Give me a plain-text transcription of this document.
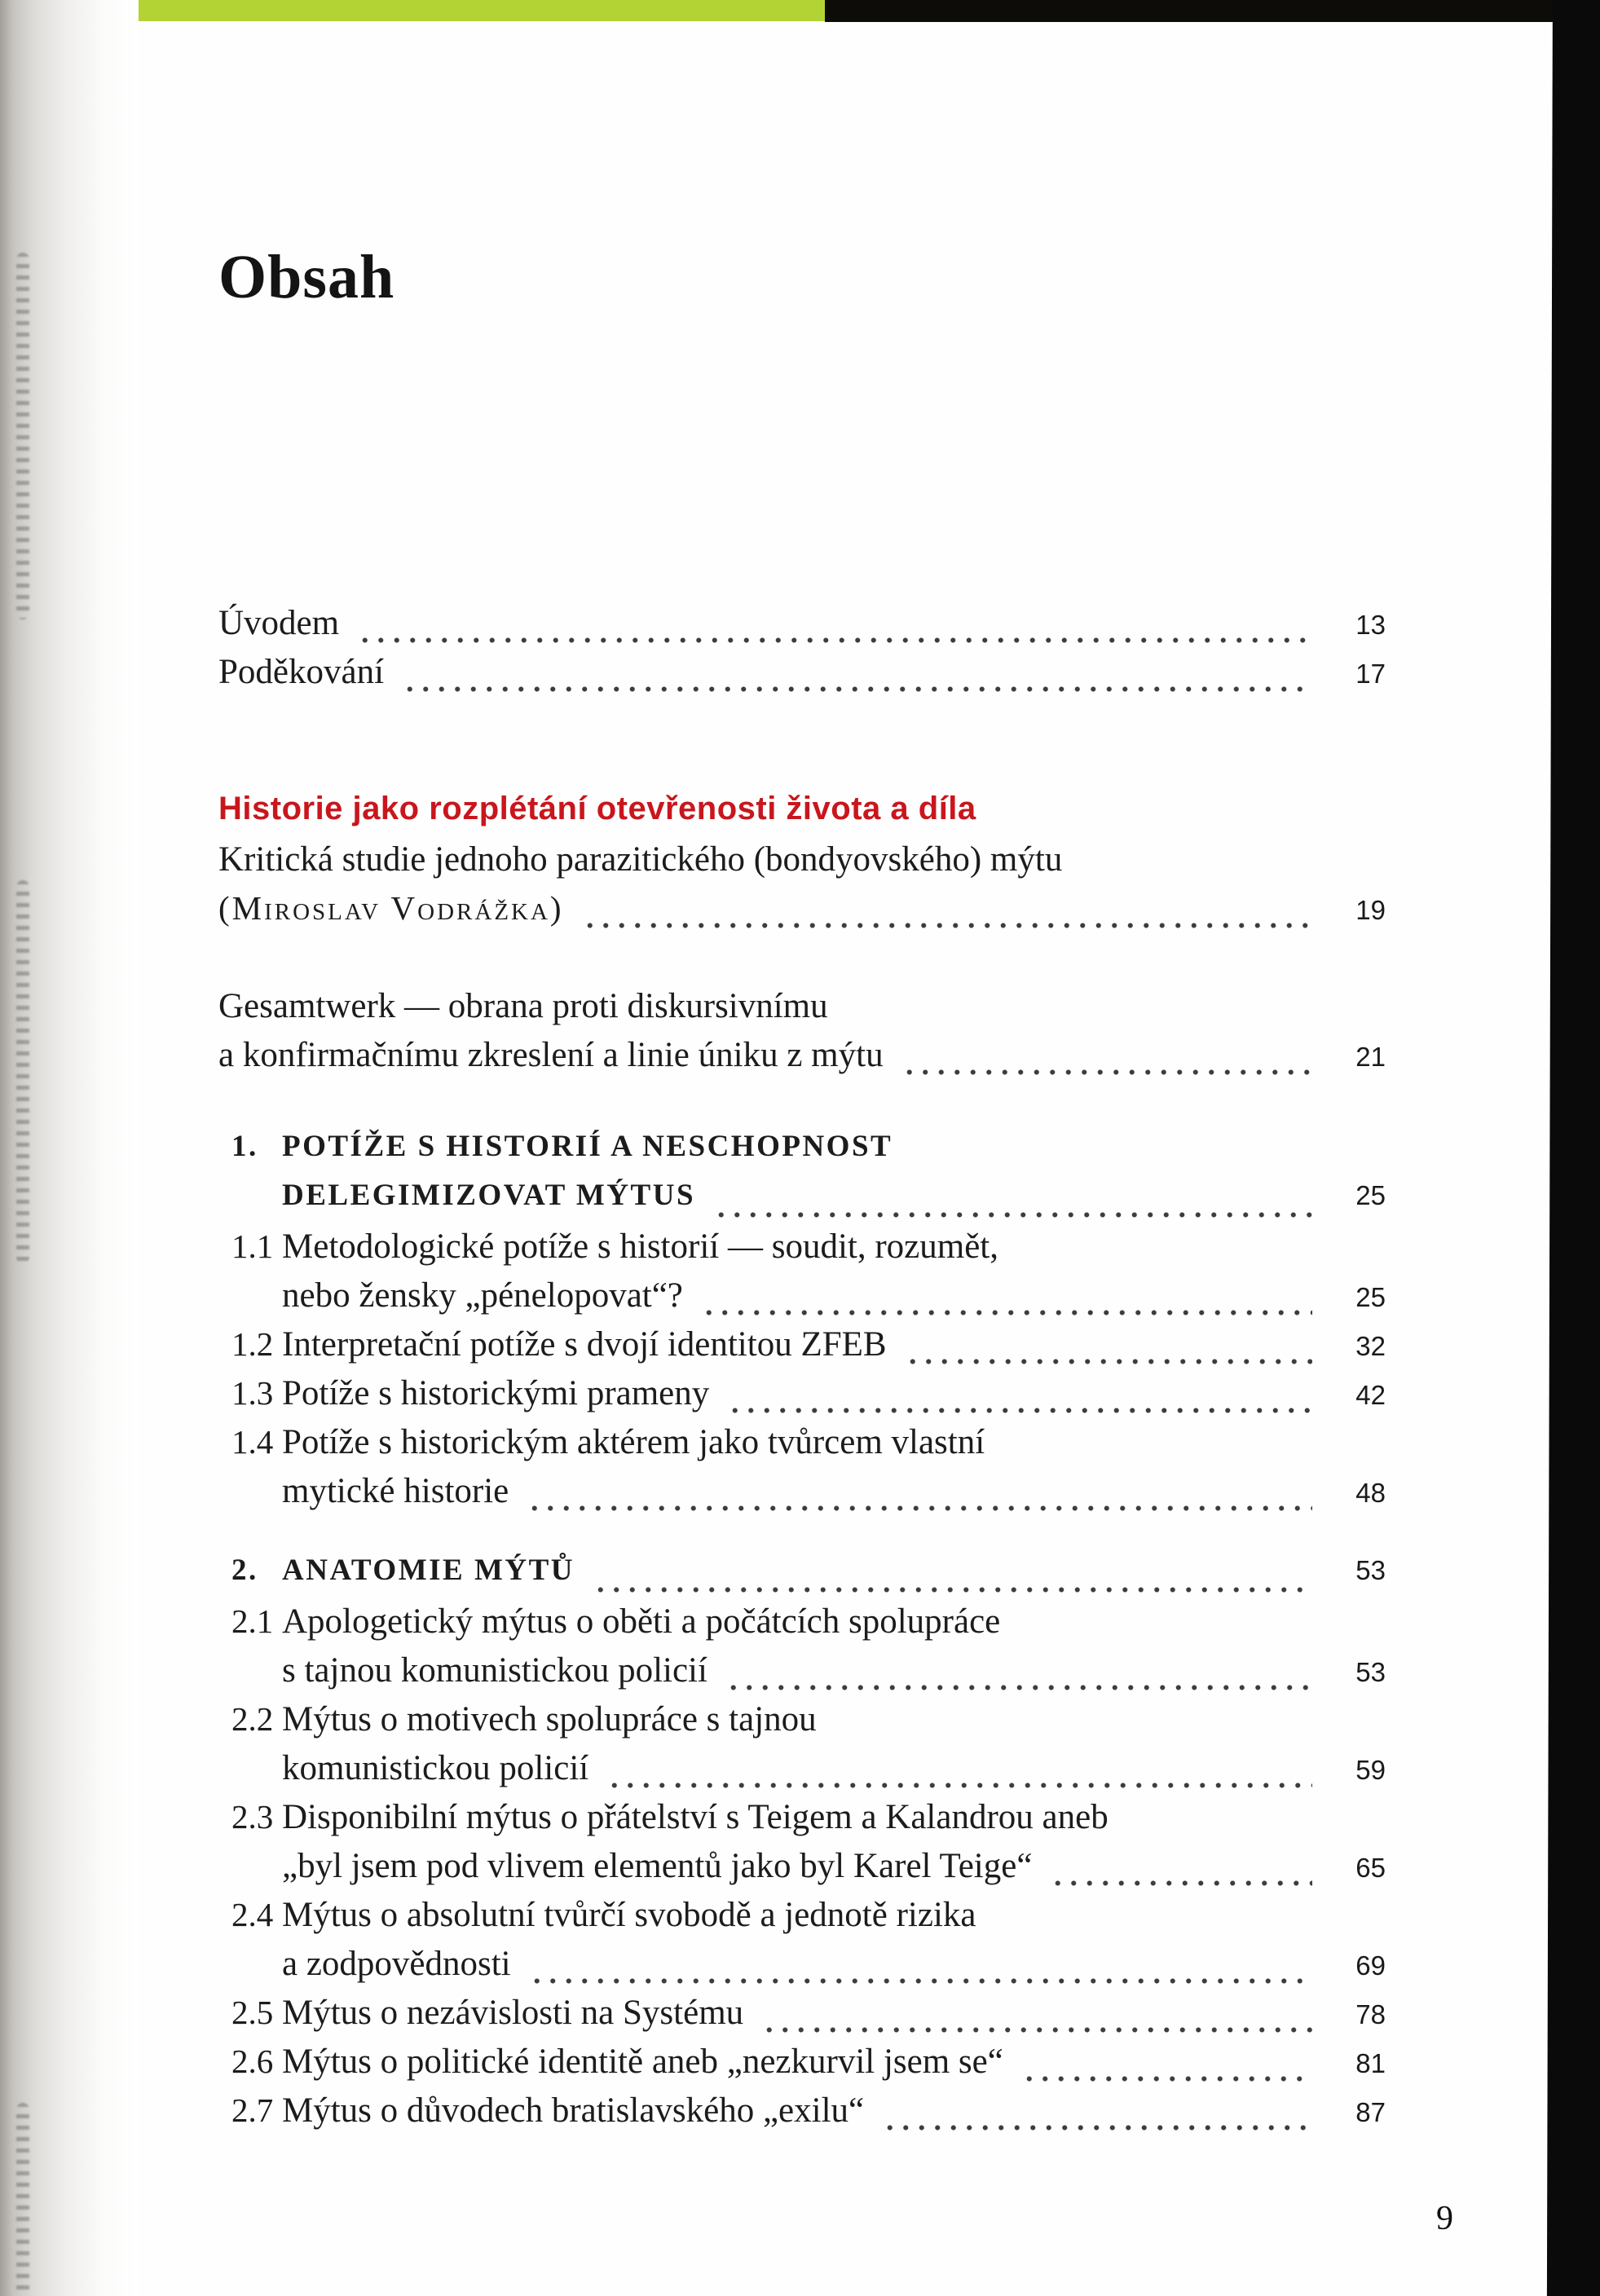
Obsah
Úvodem	13
Poděkování	17
Historie jako rozplétání otevřenosti života a díla
Kritická studie jednoho parazitického (bondyovského) mýtu
(Miroslav Vodrážka)	19
Gesamtwerk — obrana proti diskursivnímu
a konfirmačnímu zkreslení a linie úniku z mýtu	21
1. POTÍŽE S HISTORIÍ A NESCHOPNOST
DELEGIMIZOVAT MÝTUS	25
1.1 Metodologické potíže s historií — soudit, rozumět,
nebo žensky „pénelopovat“?	25
1.2 Interpretační potíže s dvojí identitou ZFEB	32
1.3 Potíže s historickými prameny	42
1.4 Potíže s historickým aktérem jako tvůrcem vlastní
mytické historie	48
2. ANATOMIE MÝTŮ	53
2.1 Apologetický mýtus o oběti a počátcích spolupráce
s tajnou komunistickou policií	53
2.2 Mýtus o motivech spolupráce s tajnou
komunistickou policií	59
2.3 Disponibilní mýtus o přátelství s Teigem a Kalandrou aneb
„byl jsem pod vlivem elementů jako byl Karel Teige“	65
2.4 Mýtus o absolutní tvůrčí svobodě a jednotě rizika
a zodpovědnosti	69
2.5 Mýtus o nezávislosti na Systému	78
2.6 Mýtus o politické identitě aneb „nezkurvil jsem se“	81
2.7 Mýtus o důvodech bratislavského „exilu“	87
9
